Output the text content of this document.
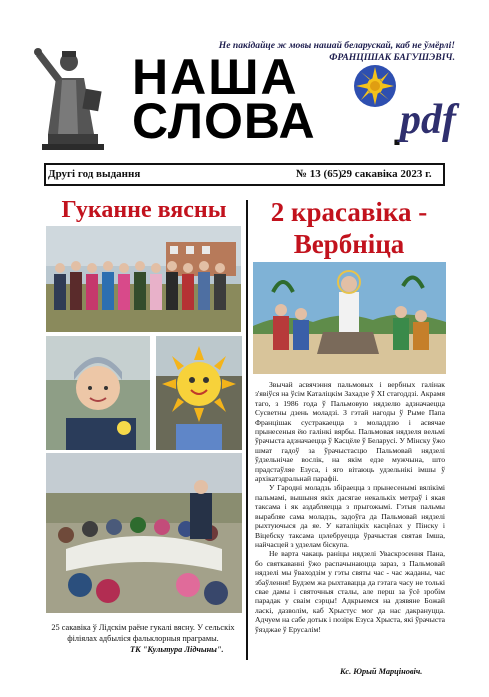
Не пакідайце ж мовы нашай беларускай, каб не ўмёрлі!
ФРАНЦІШАК БАГУШЭВІЧ.
НАША
СЛОВА .
pdf
Другі год выдання	№ 13 (65) 29 сакавіка 2023 г.
Гуканне вясны
25 сакавіка ў Лідскім раёне гукалі вясну. У сельскіх філіялах адбыліся фальклорныя праграмы.
ТК "Культура Лідчыны".
2 красавіка - Вербніца

Звычай асвячэння пальмовых і вербных галінак з'явіўся на ўсім Каталіцкім Захадзе ў XI стагоддзі. Акрамя таго, з 1986 года ў Пальмовую нядзелю адзначаецца Сусветны дзень моладзі. З гэтай нагоды ў Рыме Папа Францішак сустракаецца з моладдзю і асвячае прынесеныя ёю галінкі вярбы. Пальмовая нядзеля вельмі ўрачыста адзначаецца ў Касцёле ў Беларусі. У Мінску ўжо шмат гадоў за ўрачыстасцю Пальмовай нядзелі ўдзельнічае вослік, на якім едзе мужчына, што прадстаўляе Езуса, і яго вітаюць удзельнікі імшы ў архікатэдральнай парафіі.

У Гародні моладзь збіраецца з прынесенымі вялікімі пальмамі, вышыня якіх дасягае некалькіх метраў і якая таксама і як аздабляецца з прыгожымі. Гэтыя пальмы вырабляе сама моладзь, задоўга да Пальмовай нядзелі рыхтуючыся да яе. У каталіцкіх касцёлах у Пінску і Віцебску таксама цэлебруецца ўрачыстая святая Імша, найчасцей з удзелам біскупа.

Не варта чакаць раніцы нядзелі Уваскрэсення Пана, бо святкаванні ўжо распачынаюцца зараз, з Пальмовай нядзелі мы ўваходзім у гэты святы час - час жаданы, час збаўлення! Будзем жа рыхтавацца да гэтага часу не толькі свае дамы і святочныя сталы, але перш за ўсё зробім парадак у сваім сэрцы! Адкрыемся на дзявяне Божай ласкі, дазволім, каб Хрыстус мог да нас дакрануцца. Адчуем на сабе дотык і позірк Езуса Хрыста, які ўрачыста ўязджае ў Ерусалім!

Кс. Юрый Марціновіч.
